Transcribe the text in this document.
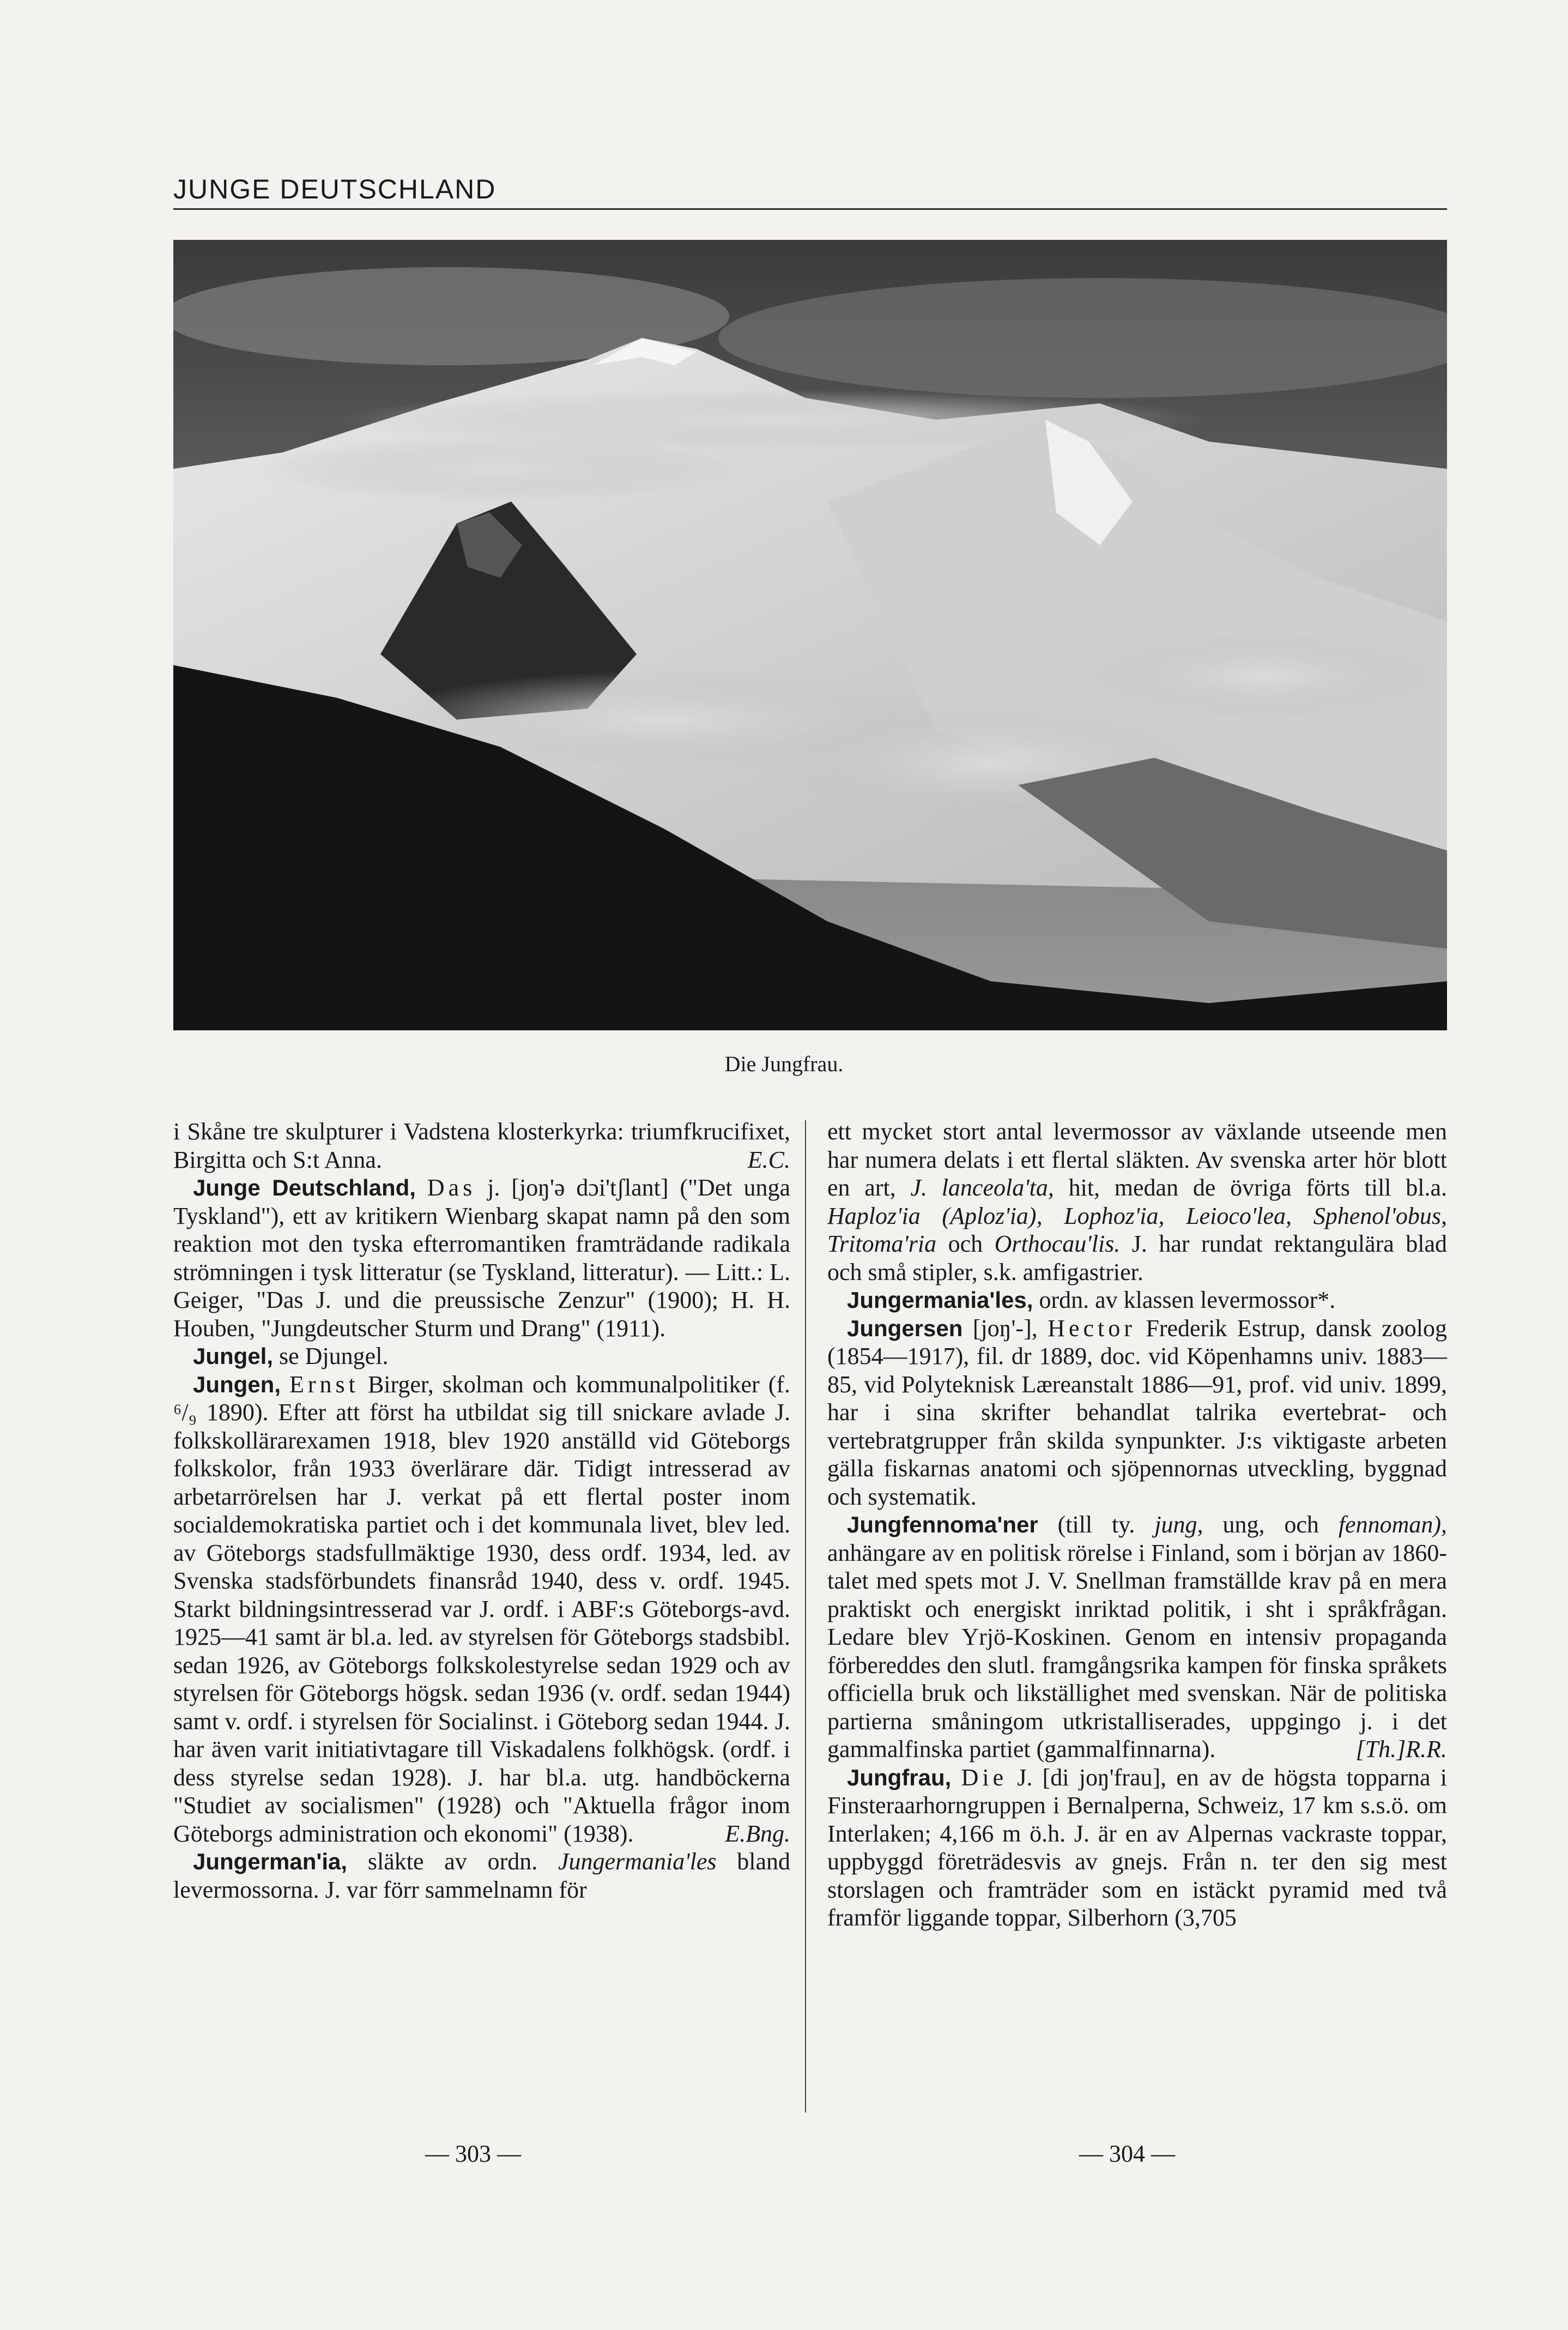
JUNGE DEUTSCHLAND
Die Jungfrau.

i Skåne tre skulpturer i Vadstena klosterkyrka: triumfkrucifixet, Birgitta och S:t Anna.	E.C.

Junge Deutschland, Das j. [joŋ'ə dɔi'tʃlant] ("Det unga Tyskland"), ett av kritikern Wienbarg skapat namn på den som reaktion mot den tyska efterromantiken framträdande radikala strömningen i tysk litteratur (se Tyskland, litteratur). — Litt.: L. Geiger, "Das J. und die preussische Zenzur" (1900); H. H. Houben, "Jungdeutscher Sturm und Drang" (1911).

Jungel, se Djungel.

Jungen, Ernst Birger, skolman och kommunalpolitiker (f. ⁶/₉ 1890). Efter att först ha utbildat sig till snickare avlade J. folkskollärarexamen 1918, blev 1920 anställd vid Göteborgs folkskolor, från 1933 överlärare där. Tidigt intresserad av arbetarrörelsen har J. verkat på ett flertal poster inom socialdemokratiska partiet och i det kommunala livet, blev led. av Göteborgs stadsfullmäktige 1930, dess ordf. 1934, led. av Svenska stadsförbundets finansråd 1940, dess v. ordf. 1945. Starkt bildningsintresserad var J. ordf. i ABF:s Göteborgs-avd. 1925—41 samt är bl.a. led. av styrelsen för Göteborgs stadsbibl. sedan 1926, av Göteborgs folkskolestyrelse sedan 1929 och av styrelsen för Göteborgs högsk. sedan 1936 (v. ordf. sedan 1944) samt v. ordf. i styrelsen för Socialinst. i Göteborg sedan 1944. J. har även varit initiativtagare till Viskadalens folkhögsk. (ordf. i dess styrelse sedan 1928). J. har bl.a. utg. handböckerna "Studiet av socialismen" (1928) och "Aktuella frågor inom Göteborgs administration och ekonomi" (1938).	E.Bng.

Jungerman'ia, släkte av ordn. Jungermania'les bland levermossorna. J. var förr sammelnamn för

ett mycket stort antal levermossor av växlande utseende men har numera delats i ett flertal släkten. Av svenska arter hör blott en art, J. lanceola'ta, hit, medan de övriga förts till bl.a. Haploz'ia (Aploz'ia), Lophoz'ia, Leioco'lea, Sphenol'obus, Tritoma'ria och Orthocau'lis. J. har rundat rektangulära blad och små stipler, s.k. amfigastrier.

Jungermania'les, ordn. av klassen levermossor*.

Jungersen [joŋ'-], Hector Frederik Estrup, dansk zoolog (1854—1917), fil. dr 1889, doc. vid Köpenhamns univ. 1883—85, vid Polyteknisk Læreanstalt 1886—91, prof. vid univ. 1899, har i sina skrifter behandlat talrika evertebrat- och vertebratgrupper från skilda synpunkter. J:s viktigaste arbeten gälla fiskarnas anatomi och sjöpennornas utveckling, byggnad och systematik.

Jungfennoma'ner (till ty. jung, ung, och fennoman), anhängare av en politisk rörelse i Finland, som i början av 1860-talet med spets mot J. V. Snellman framställde krav på en mera praktiskt och energiskt inriktad politik, i sht i språkfrågan. Ledare blev Yrjö-Koskinen. Genom en intensiv propaganda förbereddes den slutl. framgångsrika kampen för finska språkets officiella bruk och likställighet med svenskan. När de politiska partierna småningom utkristalliserades, uppgingo j. i det gammalfinska partiet (gammalfinnarna).	[Th.]R.R.

Jungfrau, Die J. [di joŋ'frau], en av de högsta topparna i Finsteraarhorngruppen i Bernalperna, Schweiz, 17 km s.s.ö. om Interlaken; 4,166 m ö.h. J. är en av Alpernas vackraste toppar, uppbyggd företrädesvis av gnejs. Från n. ter den sig mest storslagen och framträder som en istäckt pyramid med två framför liggande toppar, Silberhorn (3,705

— 303 —	— 304 —
